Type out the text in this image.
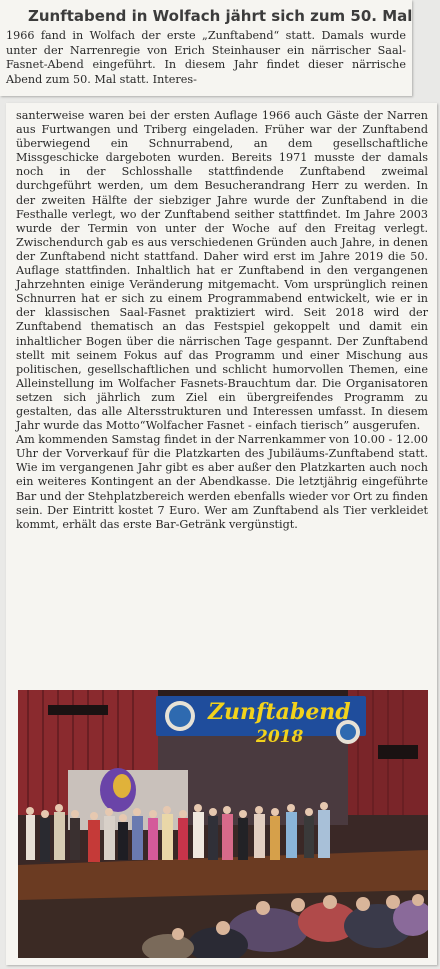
Zunftabend in Wolfach jährt sich zum 50. Mal
1966 fand in Wolfach der erste „Zunftabend“ statt. Damals wurde unter der Narrenregie von Erich Steinhauser ein närrischer Saal-Fasnet-Abend eingeführt. In diesem Jahr findet dieser närrische Abend zum 50. Mal statt. Interes-

santerweise waren bei der ersten Auflage 1966 auch Gäste der Narren aus Furtwangen und Triberg eingeladen. Früher war der Zunftabend überwiegend ein Schnurrabend, an dem gesellschaftliche Missgeschicke dargeboten wurden. Bereits 1971 musste der damals noch in der Schlosshalle stattfindende Zunftabend zweimal durchgeführt werden, um dem Besucherandrang Herr zu werden. In der zweiten Hälfte der siebziger Jahre wurde der Zunftabend in die Festhalle verlegt, wo der Zunftabend seither stattfindet. Im Jahre 2003 wurde der Termin von unter der Woche auf den Freitag verlegt. Zwischendurch gab es aus verschiedenen Gründen auch Jahre, in denen der Zunftabend nicht stattfand. Daher wird erst im Jahre 2019 die 50. Auflage stattfinden. Inhaltlich hat er Zunftabend in den vergangenen Jahrzehnten einige Veränderung mitgemacht. Vom ursprünglich reinen Schnurren hat er sich zu einem Programmabend entwickelt, wie er in der klassischen Saal-Fasnet praktiziert wird. Seit 2018 wird der Zunftabend thematisch an das Festspiel gekoppelt und damit ein inhaltlicher Bogen über die närrischen Tage gespannt. Der Zunftabend stellt mit seinem Fokus auf das Programm und einer Mischung aus politischen, gesellschaftlichen und schlicht humorvollen Themen, eine Alleinstellung im Wolfacher Fasnets-Brauchtum dar. Die Organisatoren setzen sich jährlich zum Ziel ein übergreifendes Programm zu gestalten, das alle Altersstrukturen und Interessen umfasst. In diesem Jahr wurde das Motto“Wolfacher Fasnet - einfach tierisch” ausgerufen.

Am kommenden Samstag findet in der Narrenkammer von 10.00 - 12.00 Uhr der Vorverkauf für die Platzkarten des Jubiläums-Zunftabend statt. Wie im vergangenen Jahr gibt es aber außer den Platzkarten auch noch ein weiteres Kontingent an der Abendkasse. Die letztjährig eingeführte Bar und der Stehplatzbereich werden ebenfalls wieder vor Ort zu finden sein. Der Eintritt kostet 7 Euro. Wer am Zunftabend als Tier verkleidet kommt, erhält das erste Bar-Getränk vergünstigt.

Zunftabend
2018
